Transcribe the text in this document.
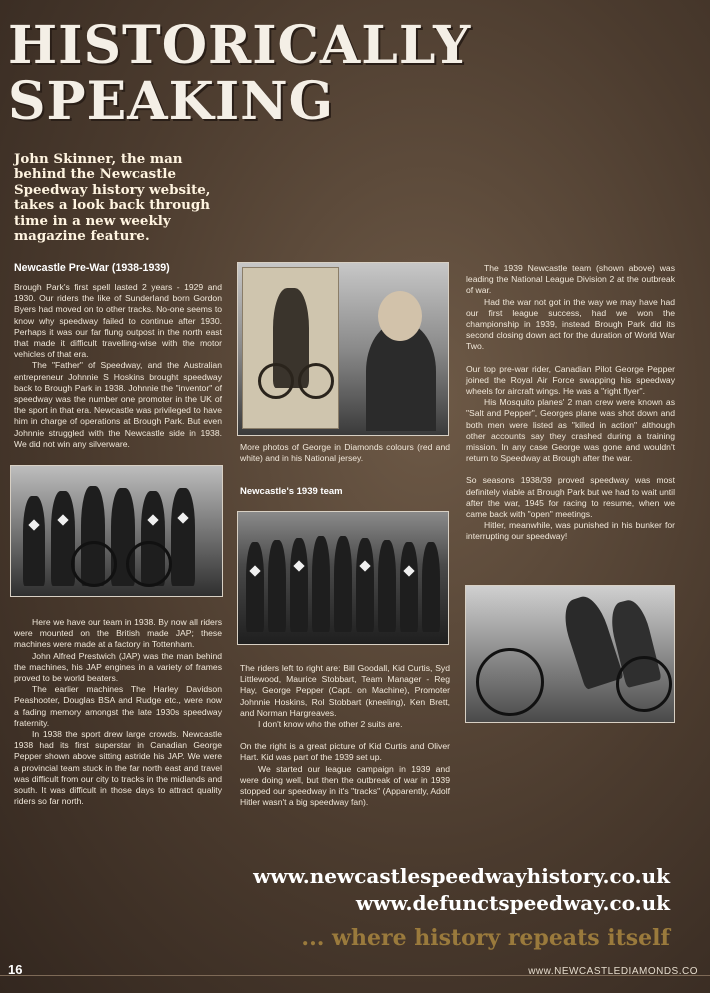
HISTORICALLY
SPEAKING
John Skinner, the man behind the Newcastle Speedway history website, takes a look back through time in a new weekly magazine feature.
Newcastle Pre-War (1938-1939)

Brough Park's first spell lasted 2 years - 1929 and 1930. Our riders the like of Sunderland born Gordon Byers had moved on to other tracks. No-one seems to know why speedway failed to continue after 1930. Perhaps it was our far flung outpost in the north east that made it difficult travelling-wise with the motor vehicles of that era.

The "Father" of Speedway, and the Australian entrepreneur Johnnie S Hoskins brought speedway back to Brough Park in 1938. Johnnie the "inventor" of speedway was the number one promoter in the UK of the sport in that era. Newcastle was privileged to have him in charge of operations at Brough Park. But even Johnnie struggled with the Newcastle side in 1938. We did not win any silverware.

Here we have our team in 1938. By now all riders were mounted on the British made JAP; these machines were made at a factory in Tottenham.

John Alfred Prestwich (JAP) was the man behind the machines, his JAP engines in a variety of frames proved to be world beaters.

The earlier machines The Harley Davidson Peashooter, Douglas BSA and Rudge etc., were now a fading memory amongst the late 1930s speedway fraternity.

In 1938 the sport drew large crowds. Newcastle 1938 had its first superstar in Canadian George Pepper shown above sitting astride his JAP. We were a provincial team stuck in the far north east and travel was difficult from our city to tracks in the midlands and south. It was difficult in those days to attract quality riders so far north.

More photos of George in Diamonds colours (red and white) and in his National jersey.

Newcastle's 1939 team

The riders left to right are: Bill Goodall, Kid Curtis, Syd Littlewood, Maurice Stobbart, Team Manager - Reg Hay, George Pepper (Capt. on Machine), Promoter Johnnie Hoskins, Rol Stobbart (kneeling), Ken Brett, and Norman Hargreaves.

I don't know who the other 2 suits are.

On the right is a great picture of Kid Curtis and Oliver Hart. Kid was part of the 1939 set up.

We started our league campaign in 1939 and were doing well, but then the outbreak of war in 1939 stopped our speedway in it's "tracks" (Apparently, Adolf Hitler wasn't a big speedway fan).

The 1939 Newcastle team (shown above) was leading the National League Division 2 at the outbreak of war.

Had the war not got in the way we may have had our first league success, had we won the championship in 1939, instead Brough Park did its second closing down act for the duration of World War Two.

Our top pre-war rider, Canadian Pilot George Pepper joined the Royal Air Force swapping his speedway wheels for aircraft wings. He was a "right flyer".

His Mosquito planes' 2 man crew were known as "Salt and Pepper", Georges plane was shot down and both men were listed as "killed in action" although other accounts say they crashed during a training mission. In any case George was gone and wouldn't return to Speedway at Brough after the war.

So seasons 1938/39 proved speedway was most definitely viable at Brough Park but we had to wait until after the war, 1945 for racing to resume, when we came back with "open" meetings.

Hitler, meanwhile, was punished in his bunker for interrupting our speedway!

www.newcastlespeedwayhistory.co.uk
www.defunctspeedway.co.uk
... where history repeats itself
16	www.NEWCASTLEDIAMONDS.CO
